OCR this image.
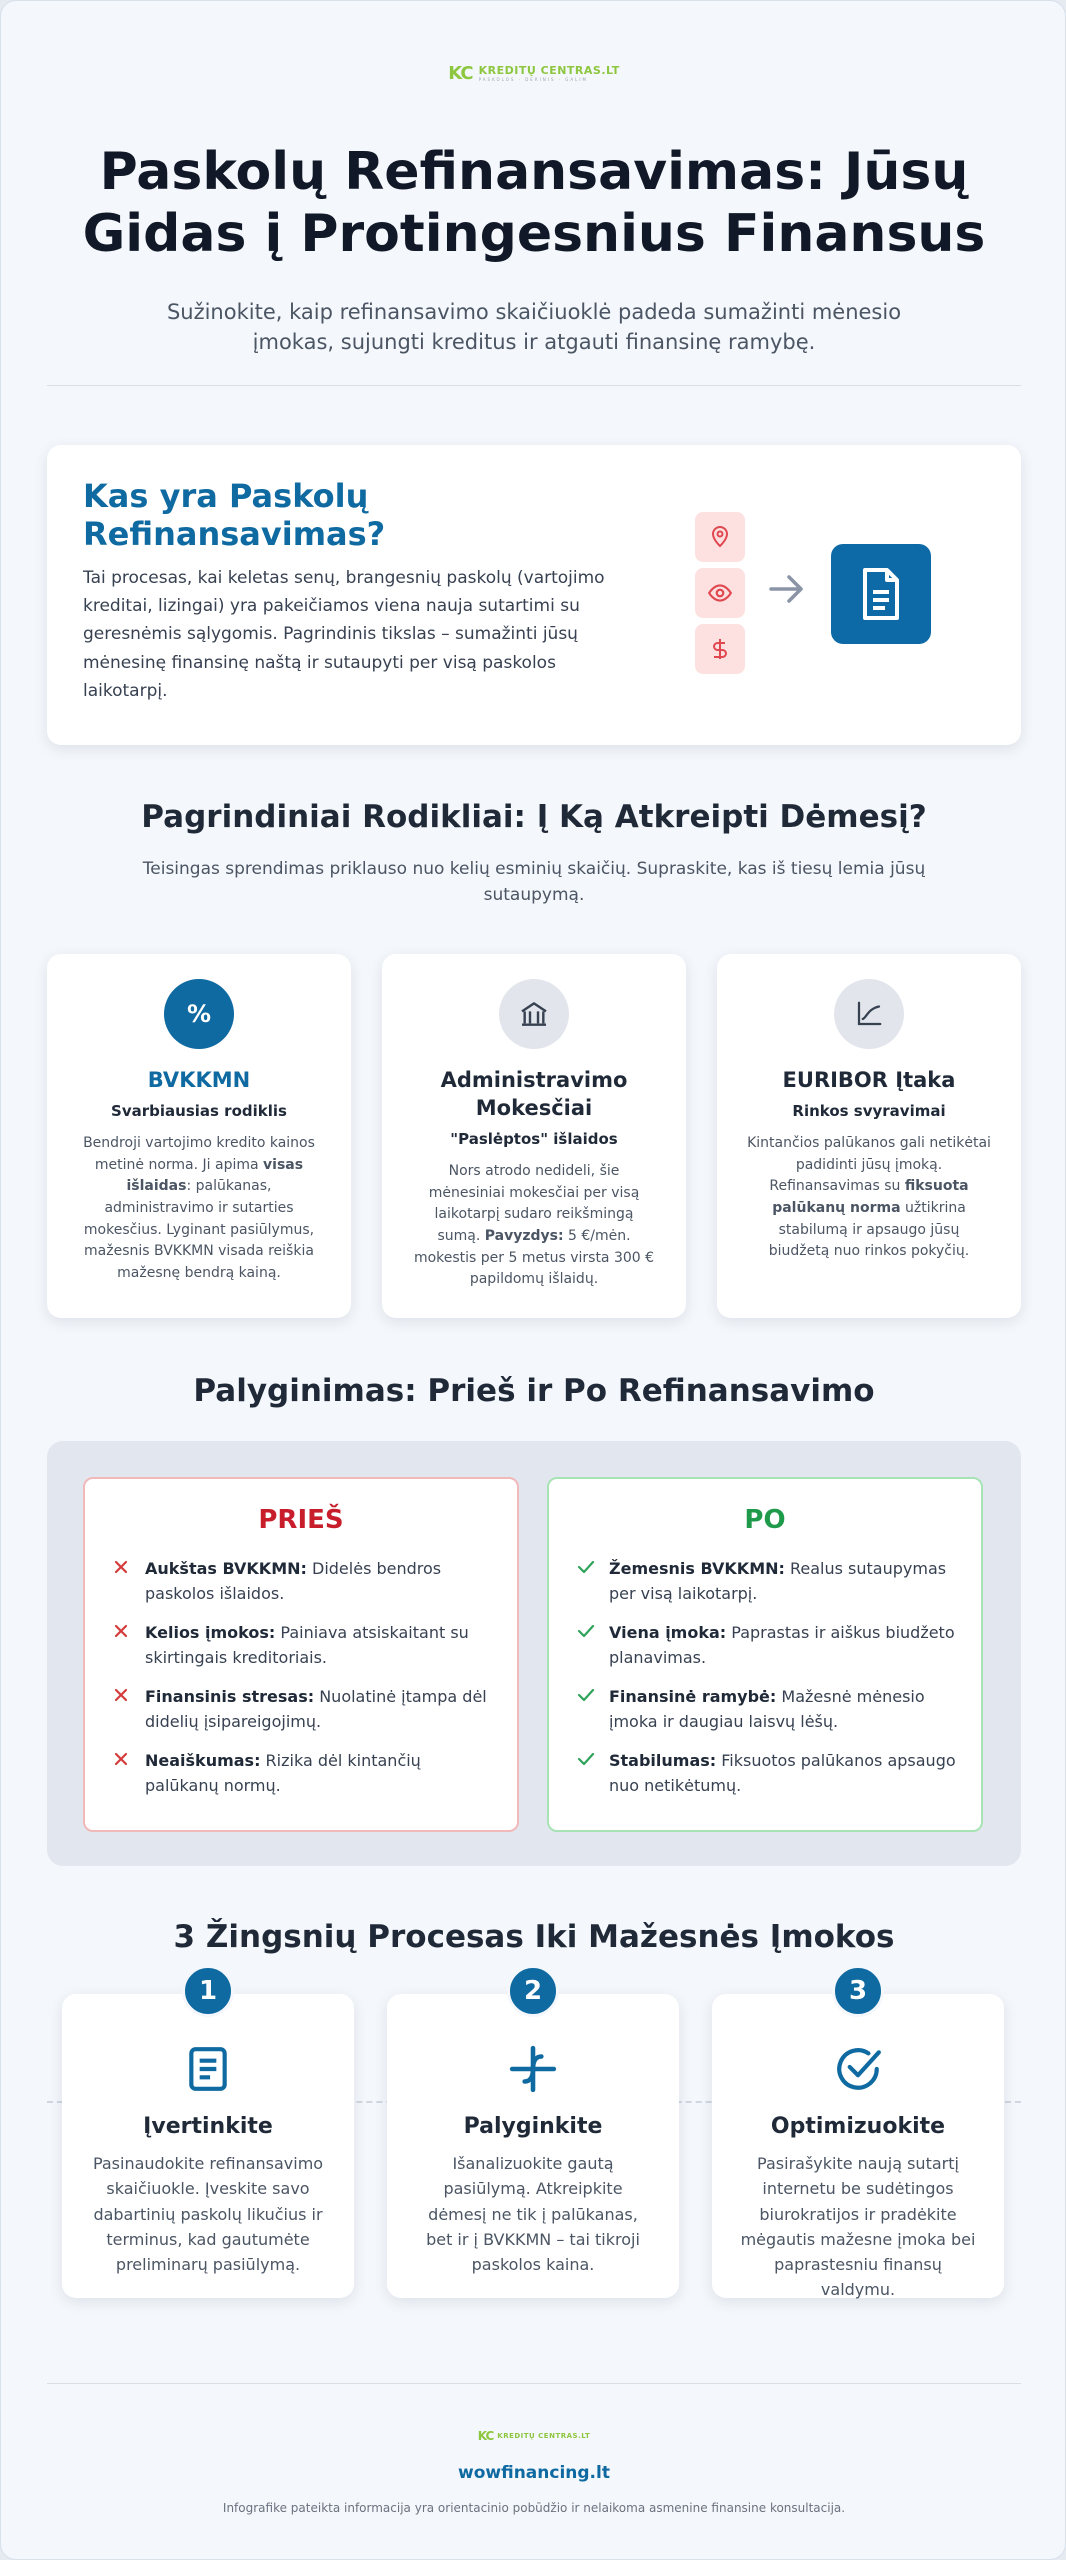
KC KREDITŲ CENTRAS.LT
PASKOLOS · DERINIS · GALIM
Paskolų Refinansavimas: Jūsų Gidas į Protingesnius Finansus

Sužinokite, kaip refinansavimo skaičiuoklė padeda sumažinti mėnesio įmokas, sujungti kreditus ir atgauti finansinę ramybę.

Kas yra Paskolų Refinansavimas?

Tai procesas, kai keletas senų, brangesnių paskolų (vartojimo kreditai, lizingai) yra pakeičiamos viena nauja sutartimi su geresnėmis sąlygomis. Pagrindinis tikslas – sumažinti jūsų mėnesinę finansinę naštą ir sutaupyti per visą paskolos laikotarpį.

Pagrindiniai Rodikliai: Į Ką Atkreipti Dėmesį?

Teisingas sprendimas priklauso nuo kelių esminių skaičių. Supraskite, kas iš tiesų lemia jūsų sutaupymą.

%
BVKKMN
Svarbiausias rodiklis

Bendroji vartojimo kredito kainos metinė norma. Ji apima visas išlaidas: palūkanas, administravimo ir sutarties mokesčius. Lyginant pasiūlymus, mažesnis BVKKMN visada reiškia mažesnę bendrą kainą.

Administravimo Mokesčiai
"Paslėptos" išlaidos

Nors atrodo nedideli, šie mėnesiniai mokesčiai per visą laikotarpį sudaro reikšmingą sumą. Pavyzdys: 5 €/mėn. mokestis per 5 metus virsta 300 € papildomų išlaidų.

EURIBOR Įtaka
Rinkos svyravimai

Kintančios palūkanos gali netikėtai padidinti jūsų įmoką. Refinansavimas su fiksuota palūkanų norma užtikrina stabilumą ir apsaugo jūsų biudžetą nuo rinkos pokyčių.

Palyginimas: Prieš ir Po Refinansavimo
PRIEŠ
Aukštas BVKKMN: Didelės bendros paskolos išlaidos.
Kelios įmokos: Painiava atsiskaitant su skirtingais kreditoriais.
Finansinis stresas: Nuolatinė įtampa dėl didelių įsipareigojimų.
Neaiškumas: Rizika dėl kintančių palūkanų normų.
PO
Žemesnis BVKKMN: Realus sutaupymas per visą laikotarpį.
Viena įmoka: Paprastas ir aiškus biudžeto planavimas.
Finansinė ramybė: Mažesnė mėnesio įmoka ir daugiau laisvų lėšų.
Stabilumas: Fiksuotos palūkanos apsaugo nuo netikėtumų.
3 Žingsnių Procesas Iki Mažesnės Įmokos
Įvertinkite

Pasinaudokite refinansavimo skaičiuokle. Įveskite savo dabartinių paskolų likučius ir terminus, kad gautumėte preliminarų pasiūlymą.

1
Palyginkite

Išanalizuokite gautą pasiūlymą. Atkreipkite dėmesį ne tik į palūkanas, bet ir į BVKKMN – tai tikroji paskolos kaina.

2
Optimizuokite

Pasirašykite naują sutartį internetu be sudėtingos biurokratijos ir pradėkite mėgautis mažesne įmoka bei paprastesniu finansų valdymu.

3
KC KREDITŲ CENTRAS.LT
wowfinancing.lt
Infografike pateikta informacija yra orientacinio pobūdžio ir nelaikoma asmenine finansine konsultacija.
